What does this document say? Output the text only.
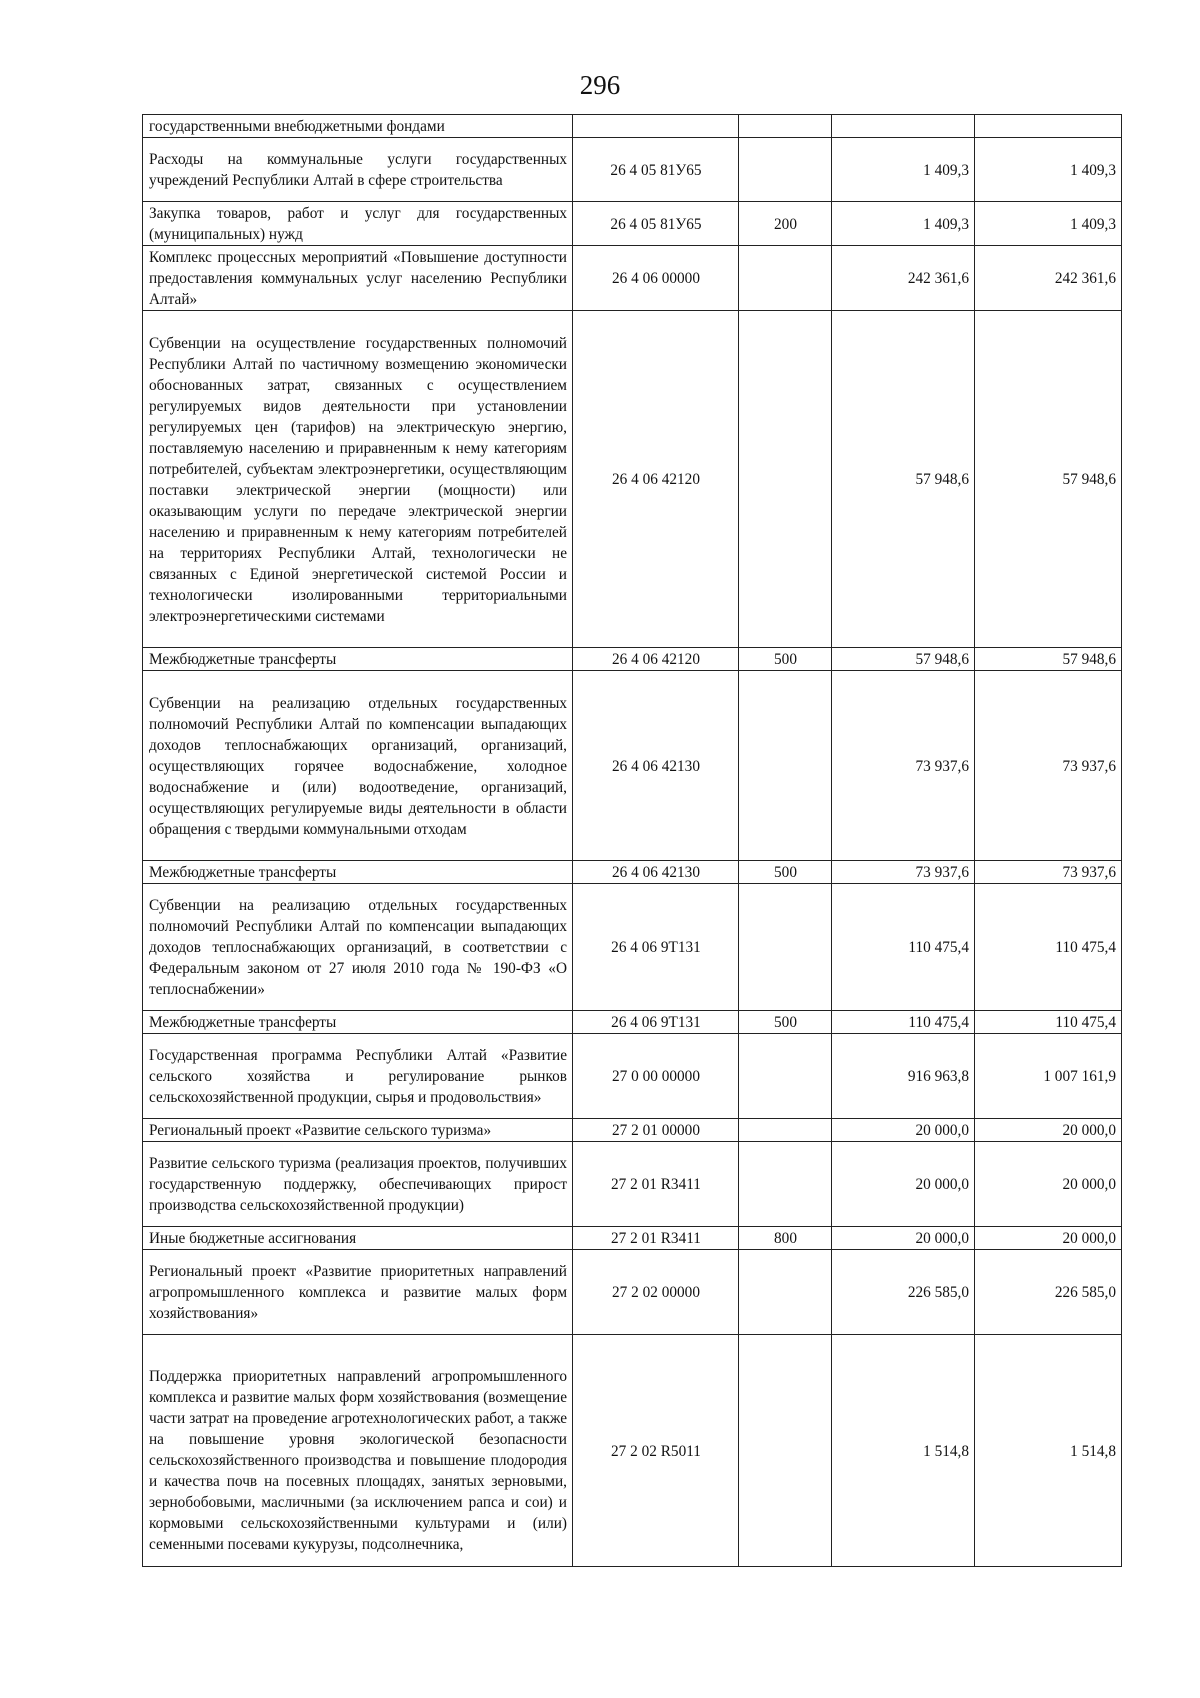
296
государственными внебюджетными фондами				
Расходы на коммунальные услуги государственных учреждений Республики Алтай в сфере строительства	26 4 05 81У65		1 409,3	1 409,3
Закупка товаров, работ и услуг для государственных (муниципальных) нужд	26 4 05 81У65	200	1 409,3	1 409,3
Комплекс процессных мероприятий «Повышение доступности предоставления коммунальных услуг населению Республики Алтай»	26 4 06 00000		242 361,6	242 361,6
Субвенции на осуществление государственных полномочий Республики Алтай по частичному возмещению экономически обоснованных затрат, связанных с осуществлением регулируемых видов деятельности при установлении регулируемых цен (тарифов) на электрическую энергию, поставляемую населению и приравненным к нему категориям потребителей, субъектам электроэнергетики, осуществляющим поставки электрической энергии (мощности) или оказывающим услуги по передаче электрической энергии населению и приравненным к нему категориям потребителей на территориях Республики Алтай, технологически не связанных с Единой энергетической системой России и технологически изолированными территориальными электроэнергетическими системами	26 4 06 42120		57 948,6	57 948,6
Межбюджетные трансферты	26 4 06 42120	500	57 948,6	57 948,6
Субвенции на реализацию отдельных государственных полномочий Республики Алтай по компенсации выпадающих доходов теплоснабжающих организаций, организаций, осуществляющих горячее водоснабжение, холодное водоснабжение и (или) водоотведение, организаций, осуществляющих регулируемые виды деятельности в области обращения с твердыми коммунальными отходам	26 4 06 42130		73 937,6	73 937,6
Межбюджетные трансферты	26 4 06 42130	500	73 937,6	73 937,6
Субвенции на реализацию отдельных государственных полномочий Республики Алтай по компенсации выпадающих доходов теплоснабжающих организаций, в соответствии с Федеральным законом от 27 июля 2010 года № 190-ФЗ «О теплоснабжении»	26 4 06 9Т131		110 475,4	110 475,4
Межбюджетные трансферты	26 4 06 9Т131	500	110 475,4	110 475,4
Государственная программа Республики Алтай «Развитие сельского хозяйства и регулирование рынков сельскохозяйственной продукции, сырья и продовольствия»	27 0 00 00000		916 963,8	1 007 161,9
Региональный проект «Развитие сельского туризма»	27 2 01 00000		20 000,0	20 000,0
Развитие сельского туризма (реализация проектов, получивших государственную поддержку, обеспечивающих прирост производства сельскохозяйственной продукции)	27 2 01 R3411		20 000,0	20 000,0
Иные бюджетные ассигнования	27 2 01 R3411	800	20 000,0	20 000,0
Региональный проект «Развитие приоритетных направлений агропромышленного комплекса и развитие малых форм хозяйствования»	27 2 02 00000		226 585,0	226 585,0
Поддержка приоритетных направлений агропромышленного комплекса и развитие малых форм хозяйствования (возмещение части затрат на проведение агротехнологических работ, а также на повышение уровня экологической безопасности сельскохозяйственного производства и повышение плодородия и качества почв на посевных площадях, занятых зерновыми, зернобобовыми, масличными (за исключением рапса и сои) и кормовыми сельскохозяйственными культурами и (или) семенными посевами кукурузы, подсолнечника,	27 2 02 R5011		1 514,8	1 514,8
